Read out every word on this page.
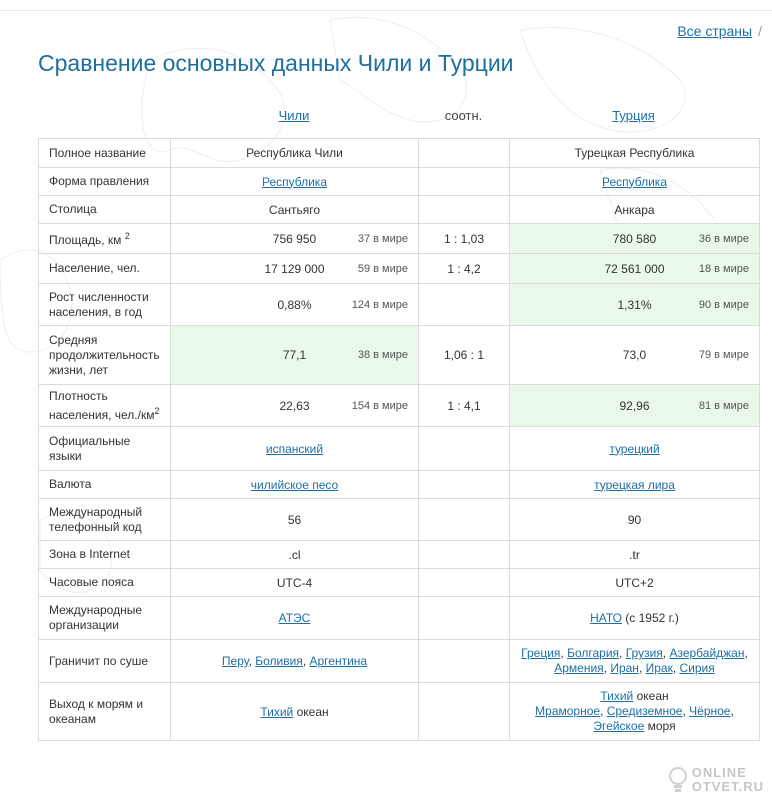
Все страны /
Сравнение основных данных Чили и Турции
Чили	соотн.	Турция
Полное название	Республика Чили		Турецкая Республика
Форма правления	Республика		Республика
Столица	Сантьяго		Анкара
Площадь, км $^2$	756 950 37 в мире	1 : 1,03	780 580 36 в мире

Население, чел.	17 129 000 59 в мире	1 : 4,2	72 561 000 18 в мире

Рост численности населения, в год	0,88% 124 в мире		1,31% 90 в мире

Средняя продолжительность жизни, лет	77,1 38 в мире	1,06 : 1	73,0 79 в мире

Плотность населения, $чел./км^2$	22,63 154 в мире	1 : 4,1	92,96 81 в мире

Официальные языки	испанский		турецкий
Валюта	чилийское песо		турецкая лира
Международный телефонный код	56		90
Зона в Internet	.cl		.tr
Часовые пояса	UTC-4		UTC+2
Международные организации	АТЭС		НАТО (с 1952 г.)
Граничит по суше	Перу, Боливия, Аргентина		Греция, Болгария, Грузия, Азербайджан,
Армения, Иран, Ирак, Сирия
Выход к морям и океанам	Тихий океан		Тихий океан
Мраморное, Средиземное, Чёрное,
Эгейское моря
ONLINE
OTVET.RU
